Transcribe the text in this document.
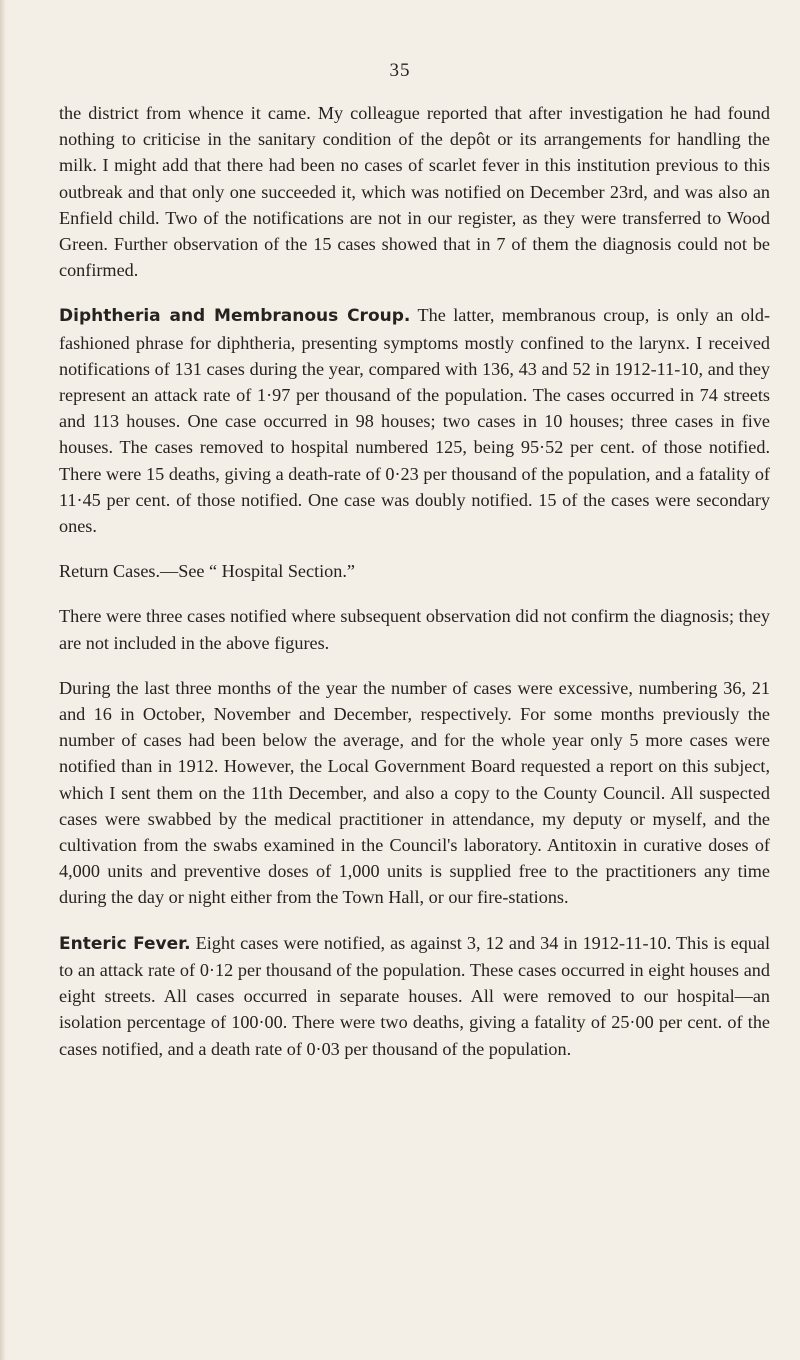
35

the district from whence it came. My colleague reported that after investigation he had found nothing to criticise in the sanitary condition of the depôt or its arrangements for handling the milk. I might add that there had been no cases of scarlet fever in this institution previous to this outbreak and that only one succeeded it, which was notified on December 23rd, and was also an Enfield child. Two of the notifications are not in our register, as they were transferred to Wood Green. Further observation of the 15 cases showed that in 7 of them the diagnosis could not be confirmed.

Diphtheria and Membranous Croup. The latter, membranous croup, is only an old-fashioned phrase for diphtheria, presenting symptoms mostly confined to the larynx. I received notifications of 131 cases during the year, compared with 136, 43 and 52 in 1912-11-10, and they represent an attack rate of 1·97 per thousand of the population. The cases occurred in 74 streets and 113 houses. One case occurred in 98 houses; two cases in 10 houses; three cases in five houses. The cases removed to hospital numbered 125, being 95·52 per cent. of those notified. There were 15 deaths, giving a death-rate of 0·23 per thousand of the population, and a fatality of 11·45 per cent. of those notified. One case was doubly notified. 15 of the cases were secondary ones.

Return Cases.—See “ Hospital Section.”

There were three cases notified where subsequent observation did not confirm the diagnosis; they are not included in the above figures.

During the last three months of the year the number of cases were excessive, numbering 36, 21 and 16 in October, November and December, respectively. For some months previously the number of cases had been below the average, and for the whole year only 5 more cases were notified than in 1912. However, the Local Government Board requested a report on this subject, which I sent them on the 11th December, and also a copy to the County Council. All suspected cases were swabbed by the medical practitioner in attendance, my deputy or myself, and the cultivation from the swabs examined in the Council's laboratory. Antitoxin in curative doses of 4,000 units and preventive doses of 1,000 units is supplied free to the practitioners any time during the day or night either from the Town Hall, or our fire-stations.

Enteric Fever. Eight cases were notified, as against 3, 12 and 34 in 1912-11-10. This is equal to an attack rate of 0·12 per thousand of the population. These cases occurred in eight houses and eight streets. All cases occurred in separate houses. All were removed to our hospital—an isolation percentage of 100·00. There were two deaths, giving a fatality of 25·00 per cent. of the cases notified, and a death rate of 0·03 per thousand of the population.
